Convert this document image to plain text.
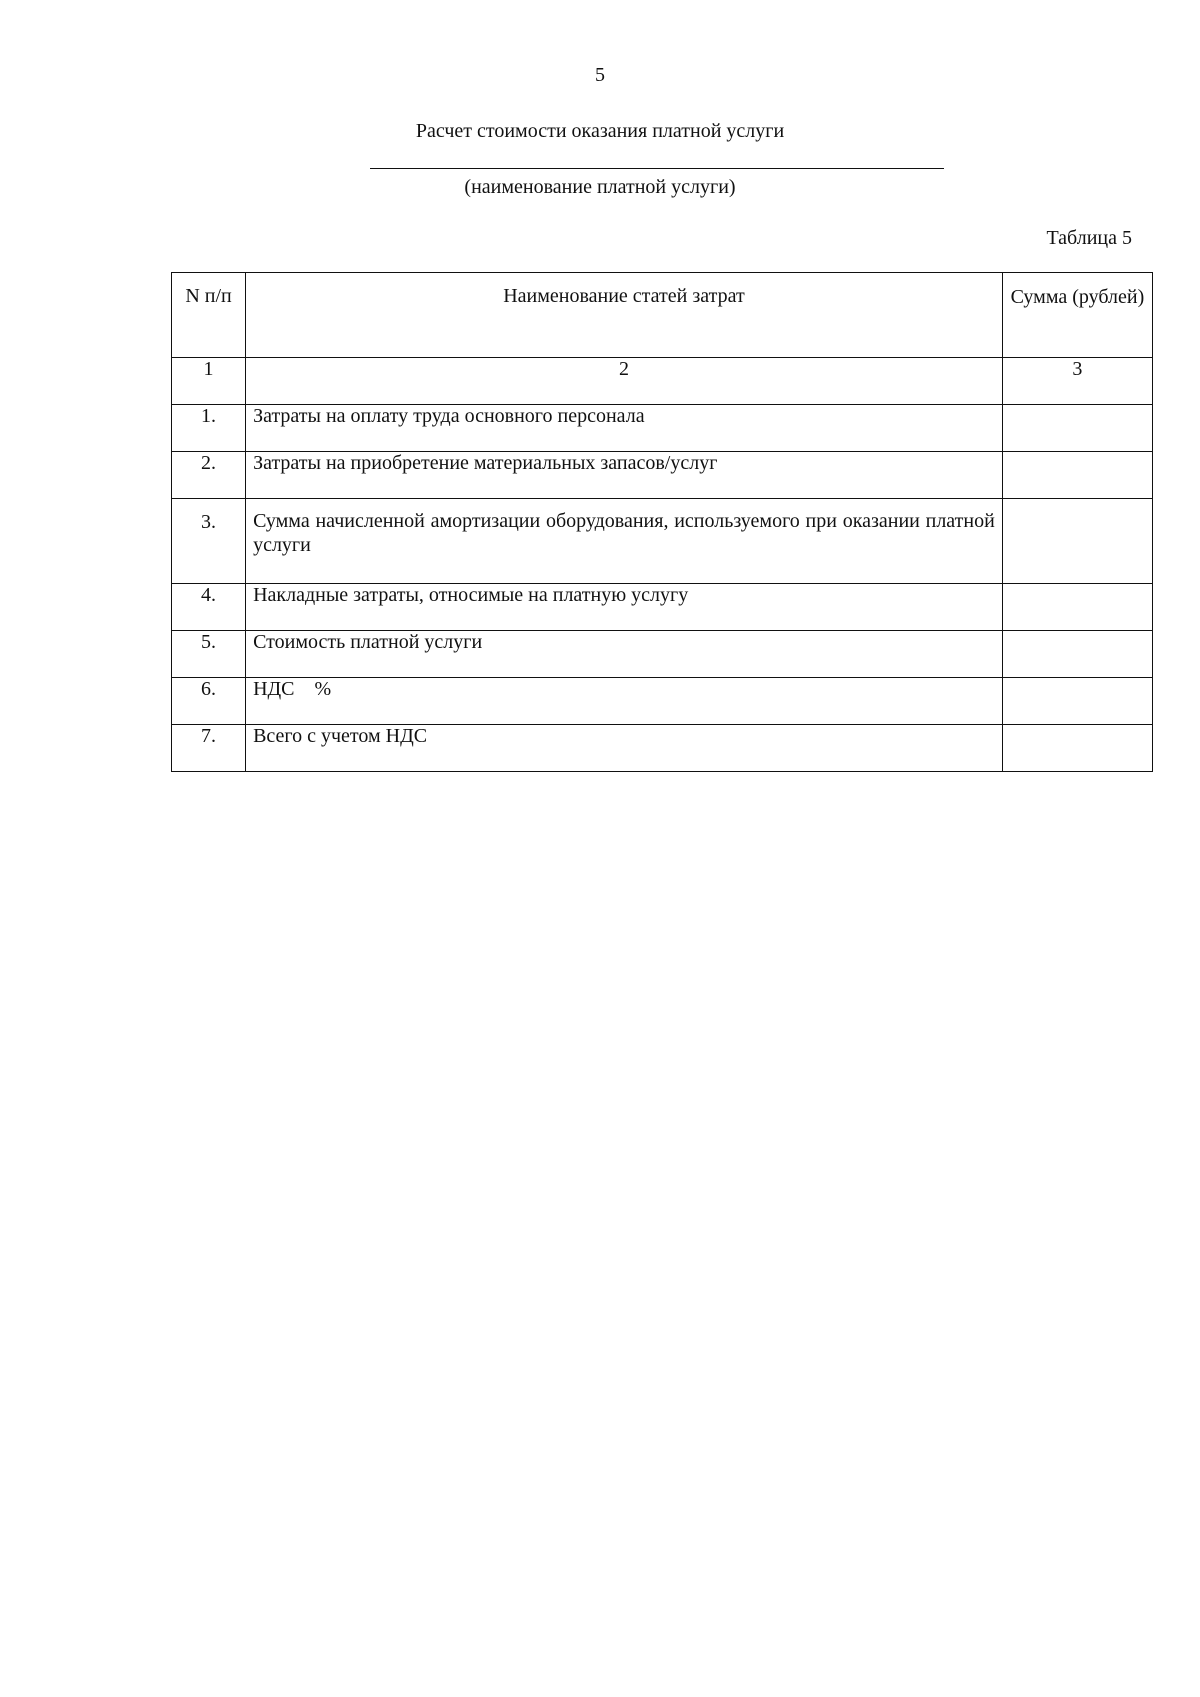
5
Расчет стоимости оказания платной услуги
(наименование платной услуги)
Таблица 5
N п/п	Наименование статей затрат	Сумма (рублей)
1	2	3
1.	Затраты на оплату труда основного персонала	
2.	Затраты на приобретение материальных запасов/услуг	
3.	Сумма начисленной амортизации оборудования, используемого при оказании платной услуги	
4.	Накладные затраты, относимые на платную услугу	
5.	Стоимость платной услуги	
6.	НДС    %	
7.	Всего с учетом НДС	
